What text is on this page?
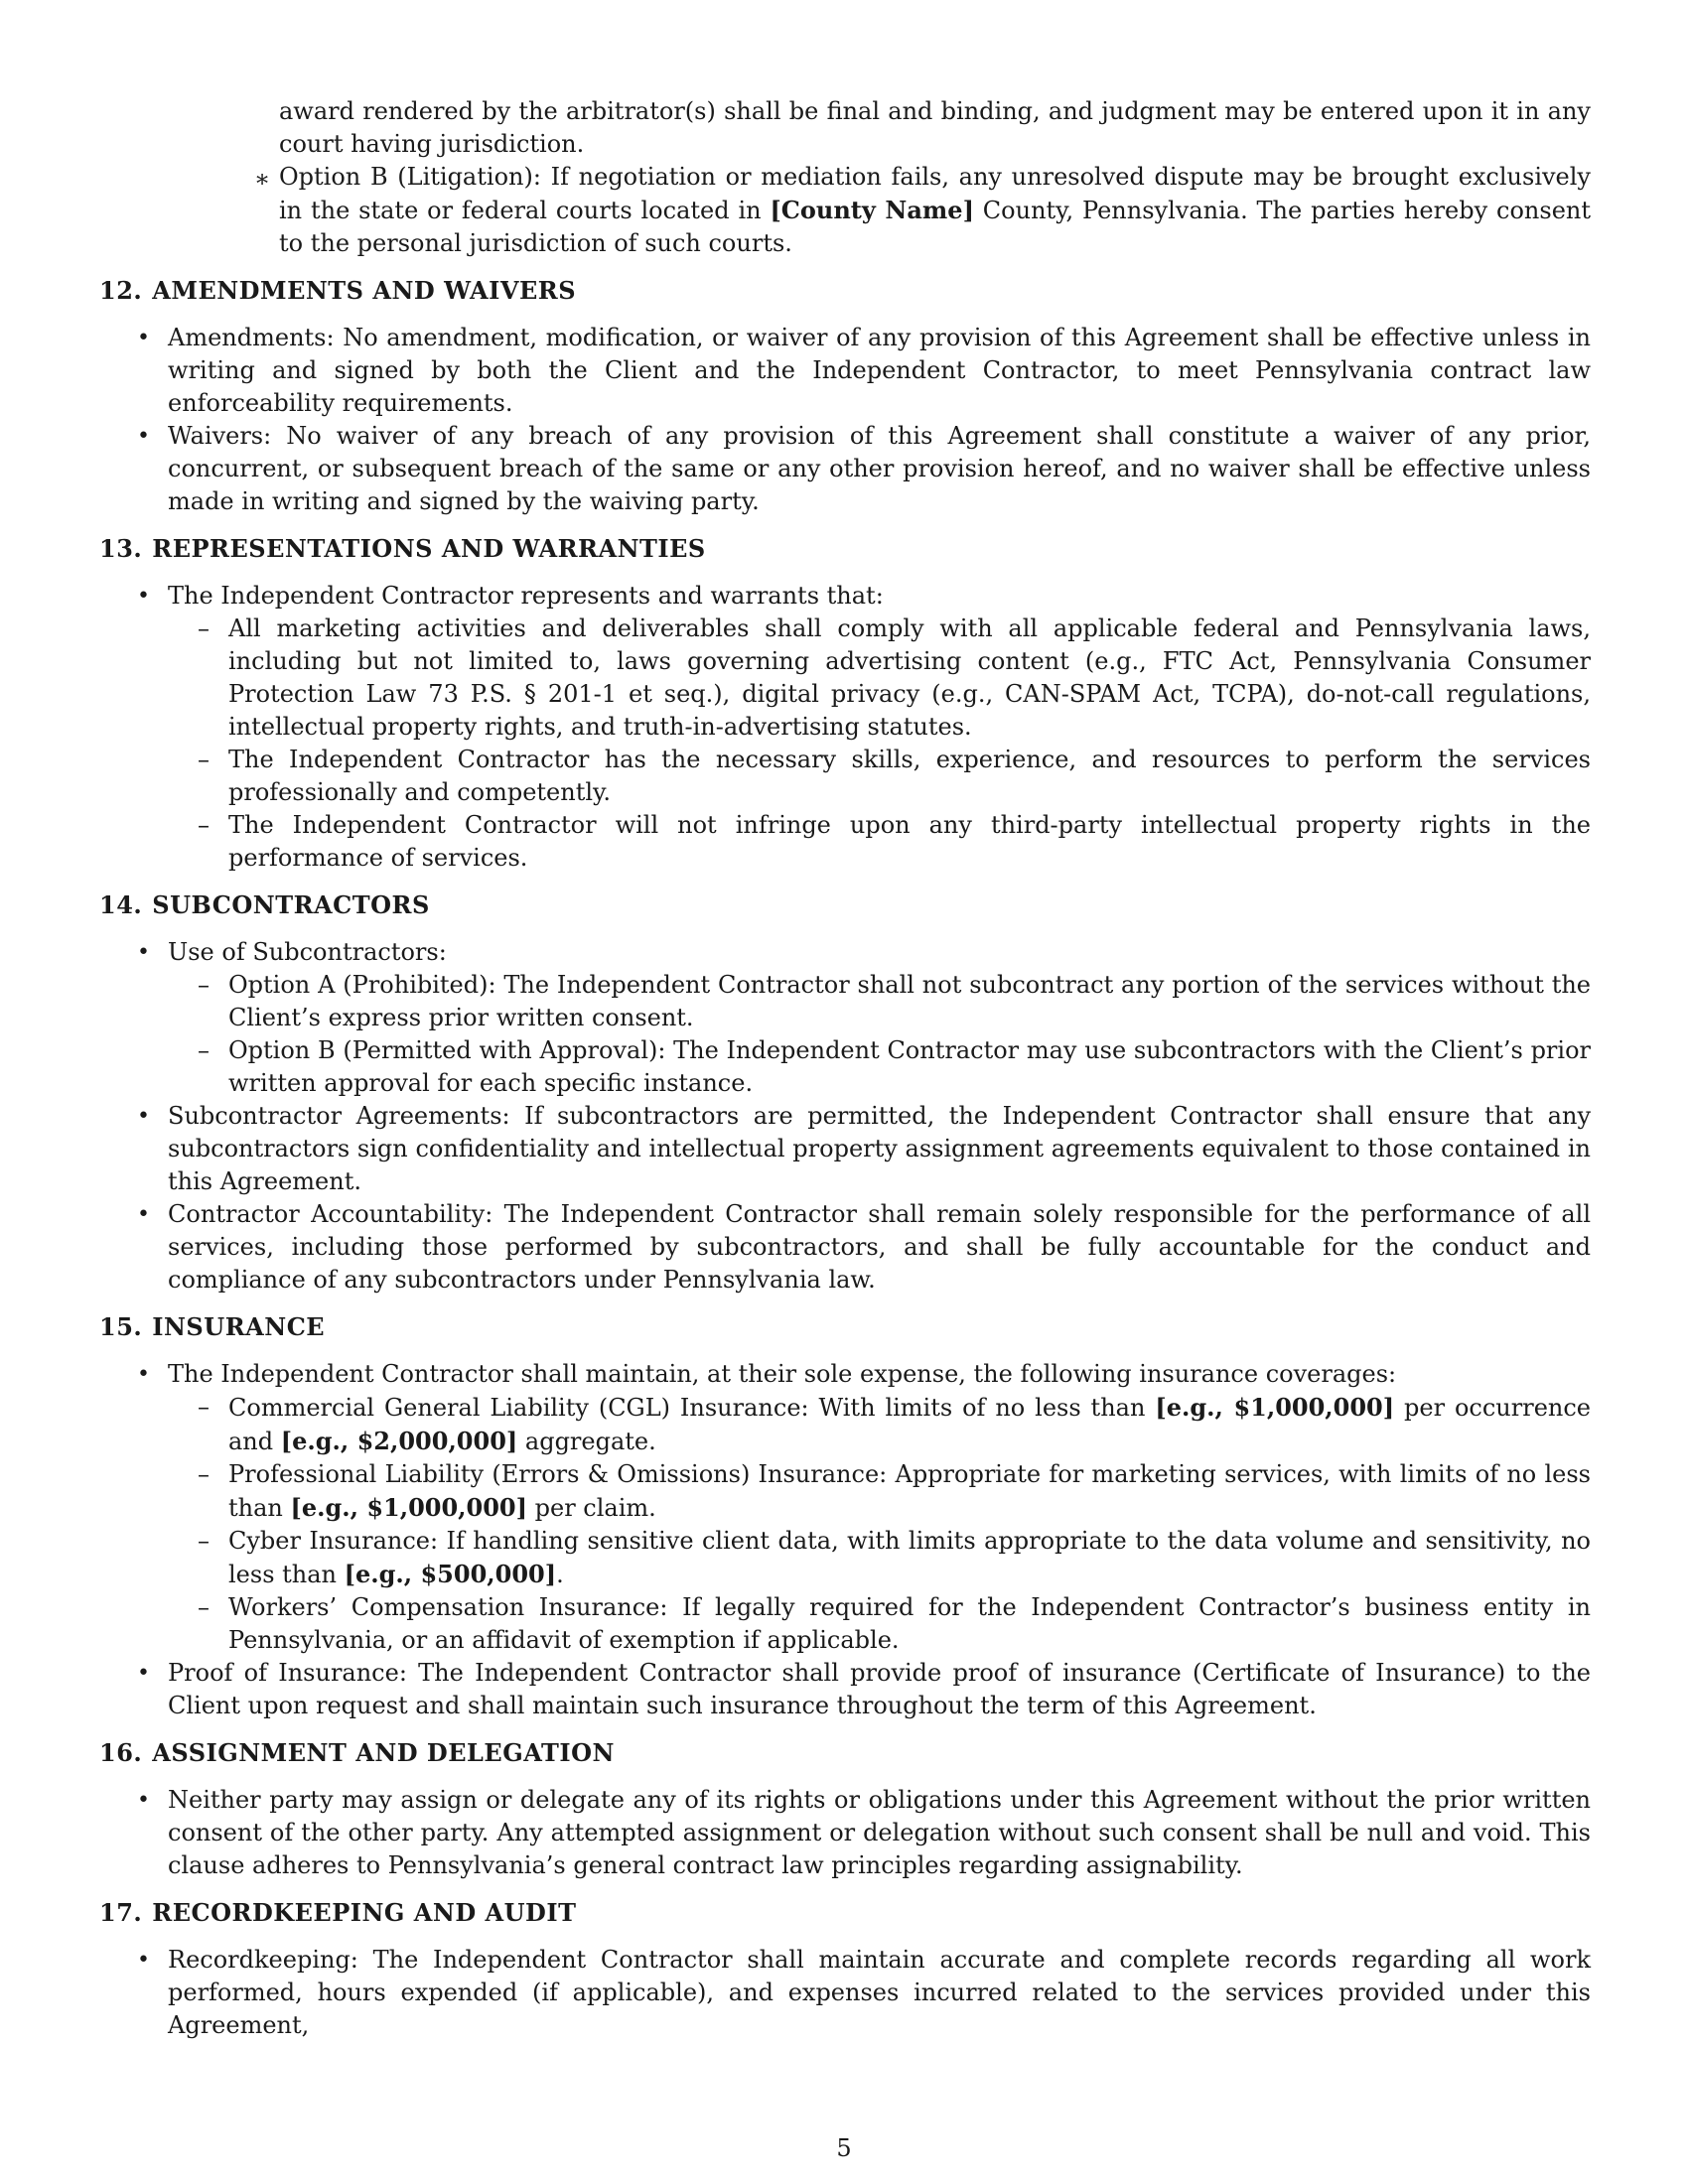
award rendered by the arbitrator(s) shall be final and binding, and judgment may be entered upon it in any court having jurisdiction.
∗ Option B (Litigation): If negotiation or mediation fails, any unresolved dispute may be brought exclusively in the state or federal courts located in [County Name] County, Pennsylvania. The parties hereby consent to the personal jurisdiction of such courts.
12. AMENDMENTS AND WAIVERS
• Amendments: No amendment, modification, or waiver of any provision of this Agreement shall be effective unless in writing and signed by both the Client and the Independent Contractor, to meet Pennsylvania contract law enforceability requirements.
• Waivers: No waiver of any breach of any provision of this Agreement shall constitute a waiver of any prior, concurrent, or subsequent breach of the same or any other provision hereof, and no waiver shall be effective unless made in writing and signed by the waiving party.
13. REPRESENTATIONS AND WARRANTIES
• The Independent Contractor represents and warrants that:
– All marketing activities and deliverables shall comply with all applicable federal and Pennsylvania laws, including but not limited to, laws governing advertising content (e.g., FTC Act, Pennsylvania Consumer Protection Law 73 P.S. § 201-1 et seq.), digital privacy (e.g., CAN-SPAM Act, TCPA), do-not-call regulations, intellectual property rights, and truth-in-advertising statutes.
– The Independent Contractor has the necessary skills, experience, and resources to perform the services professionally and competently.
– The Independent Contractor will not infringe upon any third-party intellectual property rights in the performance of services.
14. SUBCONTRACTORS
• Use of Subcontractors:
– Option A (Prohibited): The Independent Contractor shall not subcontract any portion of the services without the Client’s express prior written consent.
– Option B (Permitted with Approval): The Independent Contractor may use subcontractors with the Client’s prior written approval for each specific instance.
• Subcontractor Agreements: If subcontractors are permitted, the Independent Contractor shall ensure that any subcontractors sign confidentiality and intellectual property assignment agreements equivalent to those contained in this Agreement.
• Contractor Accountability: The Independent Contractor shall remain solely responsible for the performance of all services, including those performed by subcontractors, and shall be fully accountable for the conduct and compliance of any subcontractors under Pennsylvania law.
15. INSURANCE
• The Independent Contractor shall maintain, at their sole expense, the following insurance coverages:
– Commercial General Liability (CGL) Insurance: With limits of no less than [e.g., $1,000,000] per occurrence and [e.g., $2,000,000] aggregate.
– Professional Liability (Errors & Omissions) Insurance: Appropriate for marketing services, with limits of no less than [e.g., $1,000,000] per claim.
– Cyber Insurance: If handling sensitive client data, with limits appropriate to the data volume and sensitivity, no less than [e.g., $500,000].
– Workers’ Compensation Insurance: If legally required for the Independent Contractor’s business entity in Pennsylvania, or an affidavit of exemption if applicable.
• Proof of Insurance: The Independent Contractor shall provide proof of insurance (Certificate of Insurance) to the Client upon request and shall maintain such insurance throughout the term of this Agreement.
16. ASSIGNMENT AND DELEGATION
• Neither party may assign or delegate any of its rights or obligations under this Agreement without the prior written consent of the other party. Any attempted assignment or delegation without such consent shall be null and void. This clause adheres to Pennsylvania’s general contract law principles regarding assignability.
17. RECORDKEEPING AND AUDIT
• Recordkeeping: The Independent Contractor shall maintain accurate and complete records regarding all work performed, hours expended (if applicable), and expenses incurred related to the services provided under this Agreement,
5
